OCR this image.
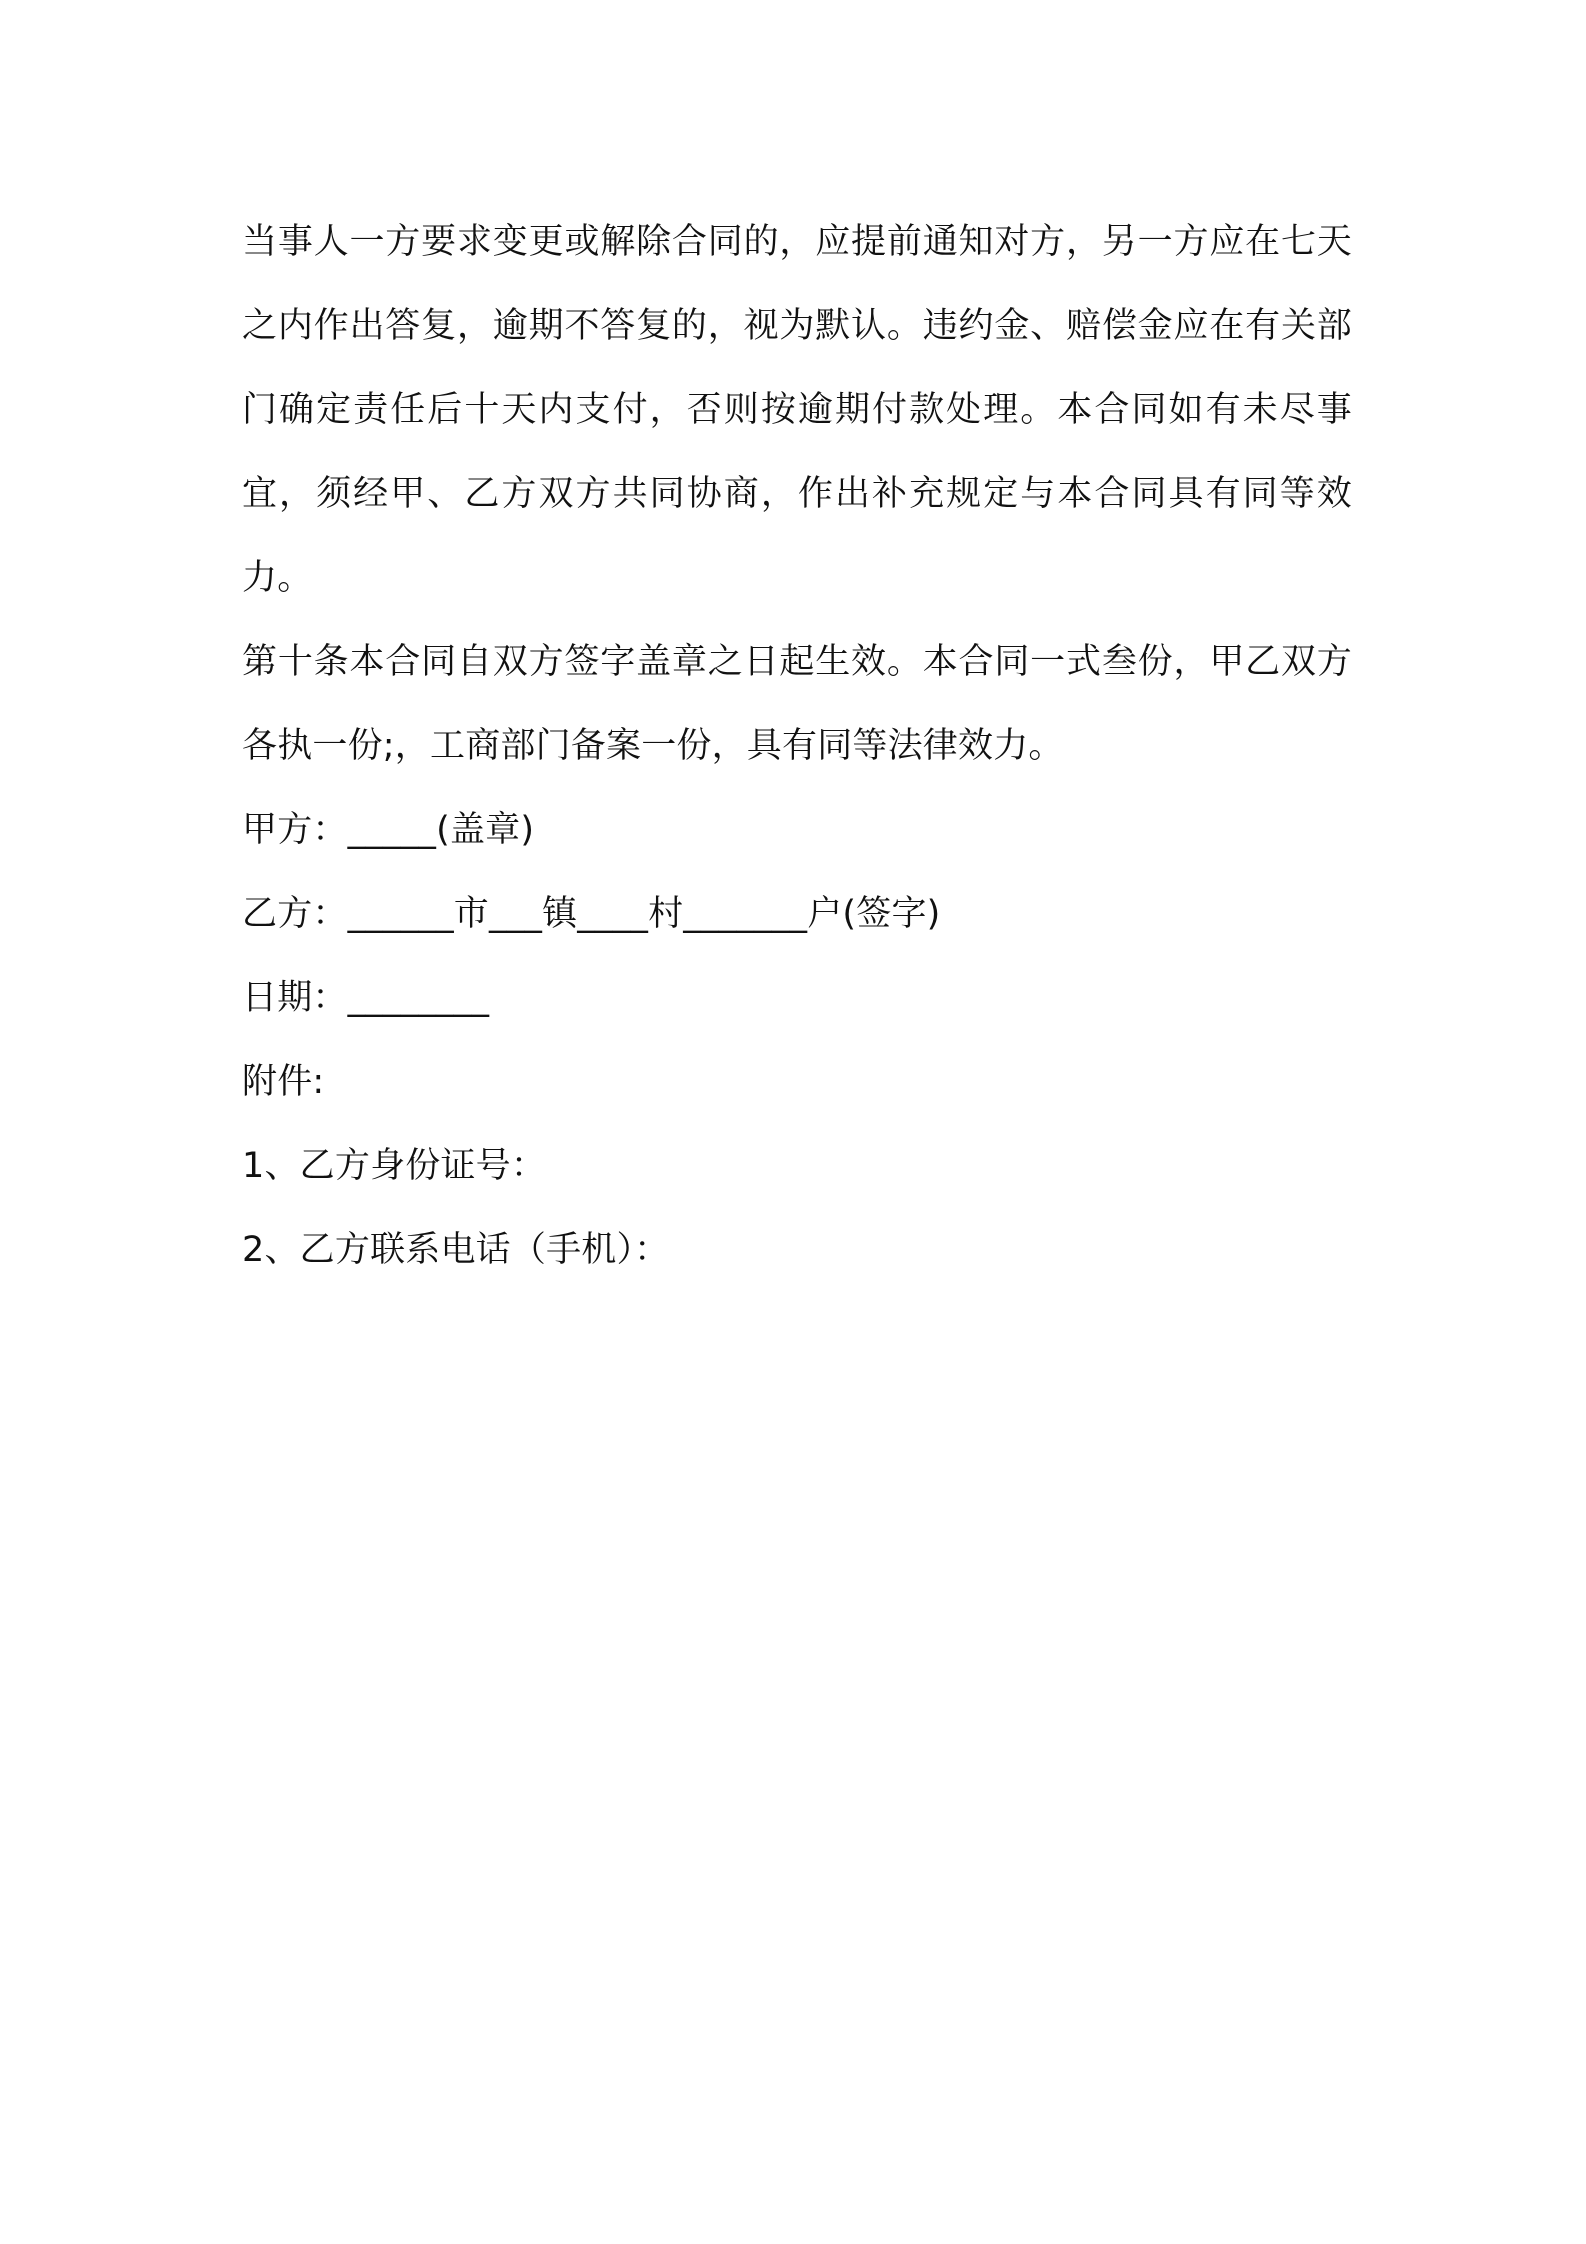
当事人一方要求变更或解除合同的，应提前通知对方，另一方应在七天之内作出答复，逾期不答复的，视为默认。违约金、赔偿金应在有关部门确定责任后十天内支付，否则按逾期付款处理。本合同如有未尽事宜，须经甲、乙方双方共同协商，作出补充规定与本合同具有同等效力。

第十条本合同自双方签字盖章之日起生效。本合同一式叁份，甲乙双方各执一份;，工商部门备案一份，具有同等法律效力。

甲方：_____(盖章)

乙方：______市___镇____村_______户(签字)

日期：________

附件:

1、乙方身份证号：

2、乙方联系电话（手机）：
